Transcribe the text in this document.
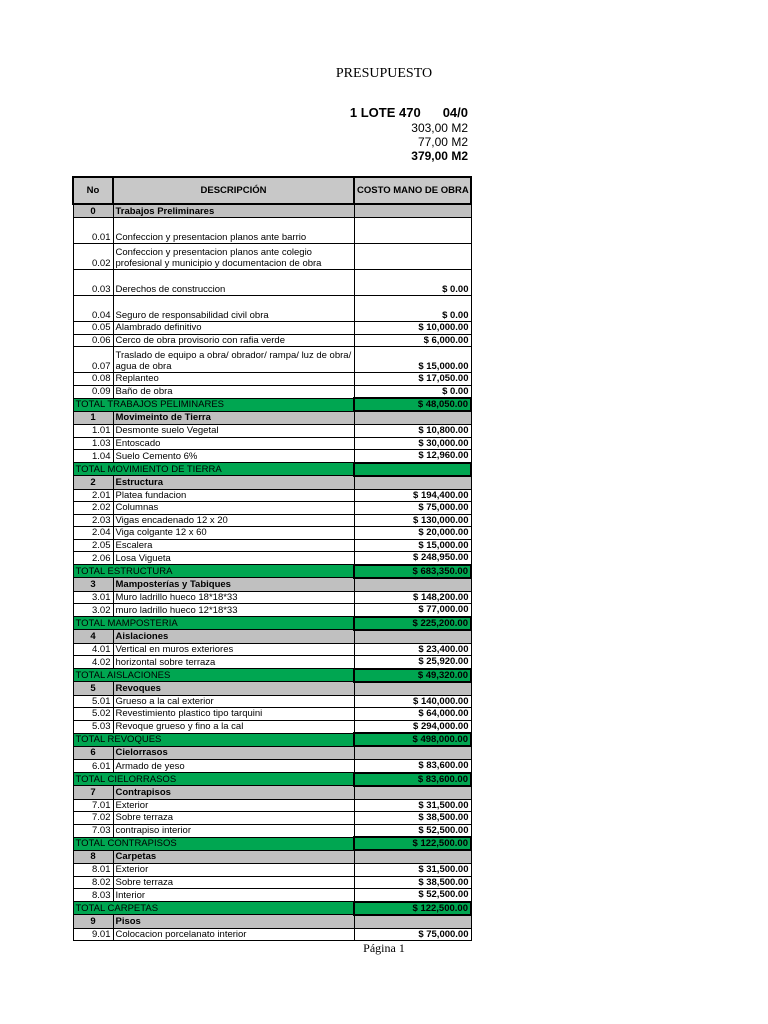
PRESUPUESTO
1 LOTE 470 04/0
303,00 M2
77,00 M2
379,00 M2
No	DESCRIPCIÓN	COSTO MANO DE OBRA
0	Trabajos Preliminares	
0.01	Confeccion y presentacion planos ante barrio	
0.02	Confeccion y presentacion planos ante colegio profesional y municipio y documentacion de obra	
0.03	Derechos de construccion	$ 0.00
0.04	Seguro de responsabilidad civil obra	$ 0.00
0.05	Alambrado definitivo	$ 10,000.00
0.06	Cerco de obra provisorio con rafia verde	$ 6,000.00
0.07	Traslado de equipo a obra/ obrador/ rampa/ luz de obra/ agua de obra	$ 15,000.00
0.08	Replanteo	$ 17,050.00
0.09	Baño de obra	$ 0.00
TOTAL TRABAJOS PELIMINARES		$ 48,050.00
1	Movimeinto de Tierra	
1.01	Desmonte suelo Vegetal	$ 10,800.00
1.03	Entoscado	$ 30,000.00
1.04	Suelo Cemento 6%	$ 12,960.00
TOTAL MOVIMIENTO DE TIERRA		
2	Estructura	
2.01	Platea fundacion	$ 194,400.00
2.02	Columnas	$ 75,000.00
2.03	Vigas encadenado 12 x 20	$ 130,000.00
2.04	Viga colgante 12 x 60	$ 20,000.00
2.05	Escalera	$ 15,000.00
2.06	Losa Vigueta	$ 248,950.00
TOTAL ESTRUCTURA		$ 683,350.00
3	Mamposterías y Tabiques	
3.01	Muro ladrillo hueco 18*18*33	$ 148,200.00
3.02	muro ladrillo hueco 12*18*33	$ 77,000.00
TOTAL MAMPOSTERIA		$ 225,200.00
4	Aislaciones	
4.01	Vertical en muros exteriores	$ 23,400.00
4.02	horizontal sobre terraza	$ 25,920.00
TOTAL AISLACIONES		$ 49,320.00
5	Revoques	
5.01	Grueso a la cal exterior	$ 140,000.00
5.02	Revestimiento plastico tipo tarquini	$ 64,000.00
5.03	Revoque grueso y fino a la cal	$ 294,000.00
TOTAL REVOQUES		$ 498,000.00
6	Cielorrasos	
6.01	Armado de yeso	$ 83,600.00
TOTAL CIELORRASOS		$ 83,600.00
7	Contrapisos	
7.01	Exterior	$ 31,500.00
7.02	Sobre terraza	$ 38,500.00
7.03	contrapiso interior	$ 52,500.00
TOTAL CONTRAPISOS		$ 122,500.00
8	Carpetas	
8.01	Exterior	$ 31,500.00
8.02	Sobre terraza	$ 38,500.00
8.03	Interior	$ 52,500.00
TOTAL CARPETAS		$ 122,500.00
9	Pisos	
9.01	Colocacion porcelanato interior	$ 75,000.00
Página 1
